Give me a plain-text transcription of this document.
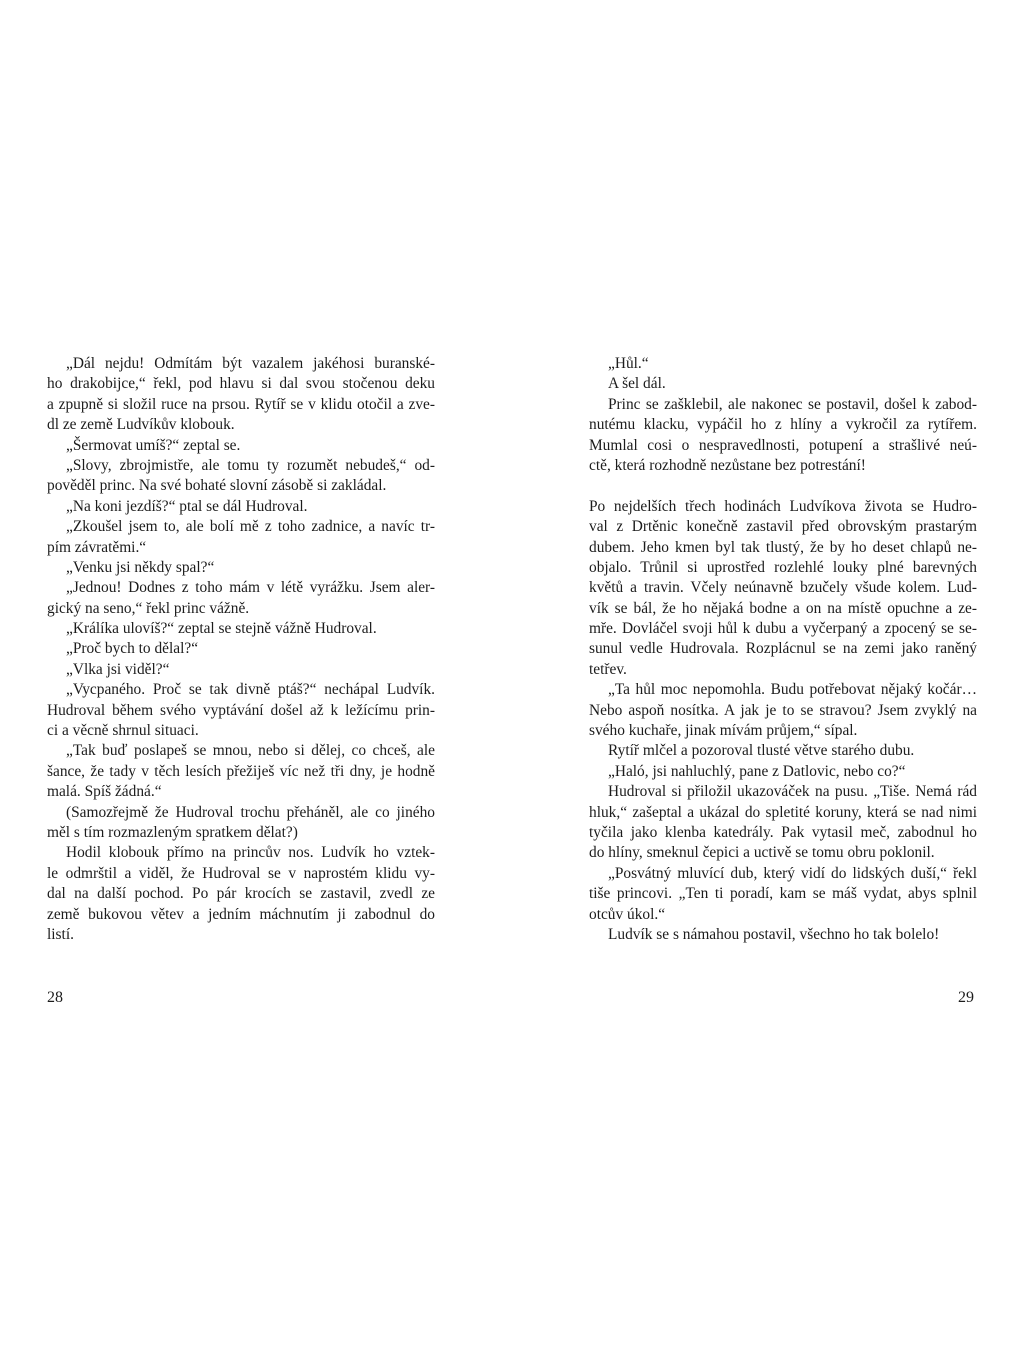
„Dál nejdu! Odmítám být vazalem jakéhosi buranské-
ho drakobijce,“ řekl, pod hlavu si dal svou stočenou deku
a zpupně si složil ruce na prsou. Rytíř se v klidu otočil a zve-
dl ze země Ludvíkův klobouk.
„Šermovat umíš?“ zeptal se.
„Slovy, zbrojmistře, ale tomu ty rozumět nebudeš,“ od-
pověděl princ. Na své bohaté slovní zásobě si zakládal.
„Na koni jezdíš?“ ptal se dál Hudroval.
„Zkoušel jsem to, ale bolí mě z toho zadnice, a navíc tr-
pím závratěmi.“
„Venku jsi někdy spal?“
„Jednou! Dodnes z toho mám v létě vyrážku. Jsem aler-
gický na seno,“ řekl princ vážně.
„Králíka ulovíš?“ zeptal se stejně vážně Hudroval.
„Proč bych to dělal?“
„Vlka jsi viděl?“
„Vycpaného. Proč se tak divně ptáš?“ nechápal Ludvík.
Hudroval během svého vyptávání došel až k ležícímu prin-
ci a věcně shrnul situaci.
„Tak buď poslapeš se mnou, nebo si dělej, co chceš, ale
šance, že tady v těch lesích přežiješ víc než tři dny, je hodně
malá. Spíš žádná.“
(Samozřejmě že Hudroval trochu přeháněl, ale co jiného
měl s tím rozmazleným spratkem dělat?)
Hodil klobouk přímo na princův nos. Ludvík ho vztek-
le odmrštil a viděl, že Hudroval se v naprostém klidu vy-
dal na další pochod. Po pár krocích se zastavil, zvedl ze
země bukovou větev a jedním máchnutím ji zabodnul do
listí.
„Hůl.“
A šel dál.
Princ se zašklebil, ale nakonec se postavil, došel k zabod-
nutému klacku, vypáčil ho z hlíny a vykročil za rytířem.
Mumlal cosi o nespravedlnosti, potupení a strašlivé neú-
ctě, která rozhodně nezůstane bez potrestání!
Po nejdelších třech hodinách Ludvíkova života se Hudro-
val z Drtěnic konečně zastavil před obrovským prastarým
dubem. Jeho kmen byl tak tlustý, že by ho deset chlapů ne-
objalo. Trůnil si uprostřed rozlehlé louky plné barevných
květů a travin. Včely neúnavně bzučely všude kolem. Lud-
vík se bál, že ho nějaká bodne a on na místě opuchne a ze-
mře. Dovláčel svoji hůl k dubu a vyčerpaný a zpocený se se-
sunul vedle Hudrovala. Rozplácnul se na zemi jako raněný
tetřev.
„Ta hůl moc nepomohla. Budu potřebovat nějaký kočár…
Nebo aspoň nosítka. A jak je to se stravou? Jsem zvyklý na
svého kuchaře, jinak mívám průjem,“ sípal.
Rytíř mlčel a pozoroval tlusté větve starého dubu.
„Haló, jsi nahluchlý, pane z Datlovic, nebo co?“
Hudroval si přiložil ukazováček na pusu. „Tiše. Nemá rád
hluk,“ zašeptal a ukázal do spletité koruny, která se nad nimi
tyčila jako klenba katedrály. Pak vytasil meč, zabodnul ho
do hlíny, smeknul čepici a uctivě se tomu obru poklonil.
„Posvátný mluvící dub, který vidí do lidských duší,“ řekl
tiše princovi. „Ten ti poradí, kam se máš vydat, abys splnil
otcův úkol.“
Ludvík se s námahou postavil, všechno ho tak bolelo!
28	29
